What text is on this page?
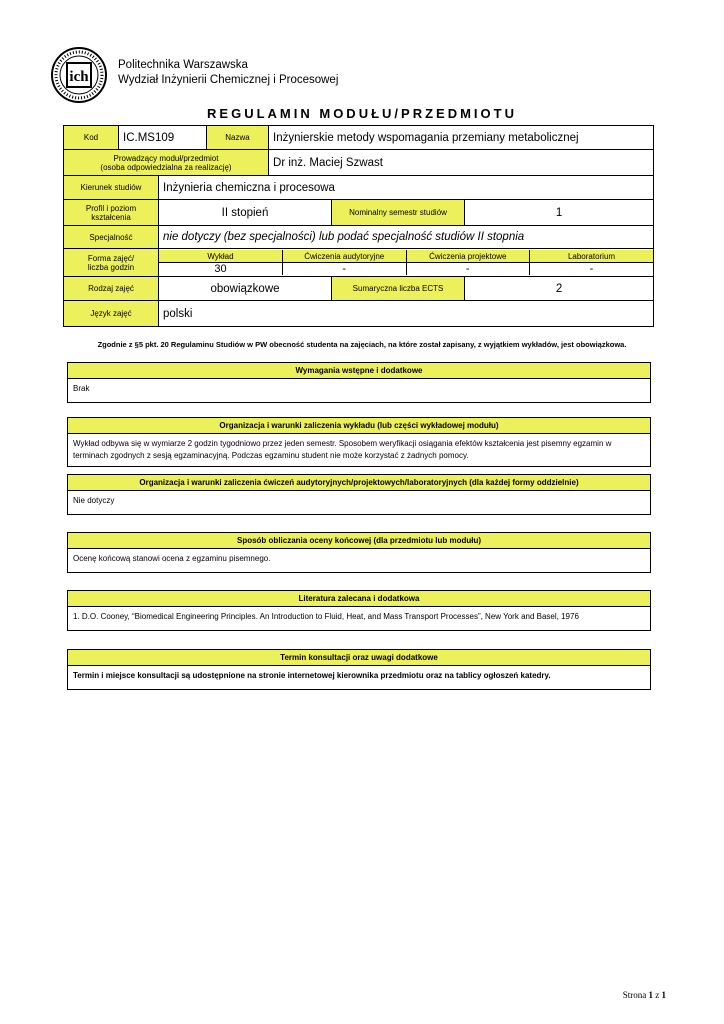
ich
Politechnika Warszawska
Wydział Inżynierii Chemicznej i Procesowej
REGULAMIN MODUŁU/PRZEDMIOTU
Kod	IC.MS109	Nazwa	Inżynierskie metody wspomagania przemiany metabolicznej

Prowadzący moduł/przedmiot
(osoba odpowiedzialna za realizację)	Dr inż. Maciej Szwast
Kierunek studiów	Inżynieria chemiczna i procesowa

Profil i poziom
kształcenia	II stopień	Nominalny semestr studiów	1
Specjalność	nie dotyczy (bez specjalności) lub podać specjalność studiów II stopnia

Forma zajęć/
liczba godzin

Wykład	Ćwiczenia audytoryjne	Ćwiczenia projektowe	Laboratorium
30	-	-	-

Rodzaj zajęć	obowiązkowe	Sumaryczna liczba ECTS	2
Język zajęć	polski
Zgodnie z §5 pkt. 20 Regulaminu Studiów w PW obecność studenta na zajęciach, na które został zapisany, z wyjątkiem wykładów, jest obowiązkowa.
Wymagania wstępne i dodatkowe
Brak
Organizacja i warunki zaliczenia wykładu (lub części wykładowej modułu)
Wykład odbywa się w wymiarze 2 godzin tygodniowo przez jeden semestr. Sposobem weryfikacji osiągania efektów kształcenia jest pisemny egzamin w terminach zgodnych z sesją egzaminacyjną. Podczas egzaminu student nie może korzystać z żadnych pomocy.
Organizacja i warunki zaliczenia ćwiczeń audytoryjnych/projektowych/laboratoryjnych (dla każdej formy oddzielnie)
Nie dotyczy
Sposób obliczania oceny końcowej (dla przedmiotu lub modułu)
Ocenę końcową stanowi ocena z egzaminu pisemnego.
Literatura zalecana i dodatkowa
1. D.O. Cooney, “Biomedical Engineering Principles. An Introduction to Fluid, Heat, and Mass Transport Processes”, New York and Basel, 1976
Termin konsultacji oraz uwagi dodatkowe
Termin i miejsce konsultacji są udostępnione na stronie internetowej kierownika przedmiotu oraz na tablicy ogłoszeń katedry.
Strona 1 z 1
